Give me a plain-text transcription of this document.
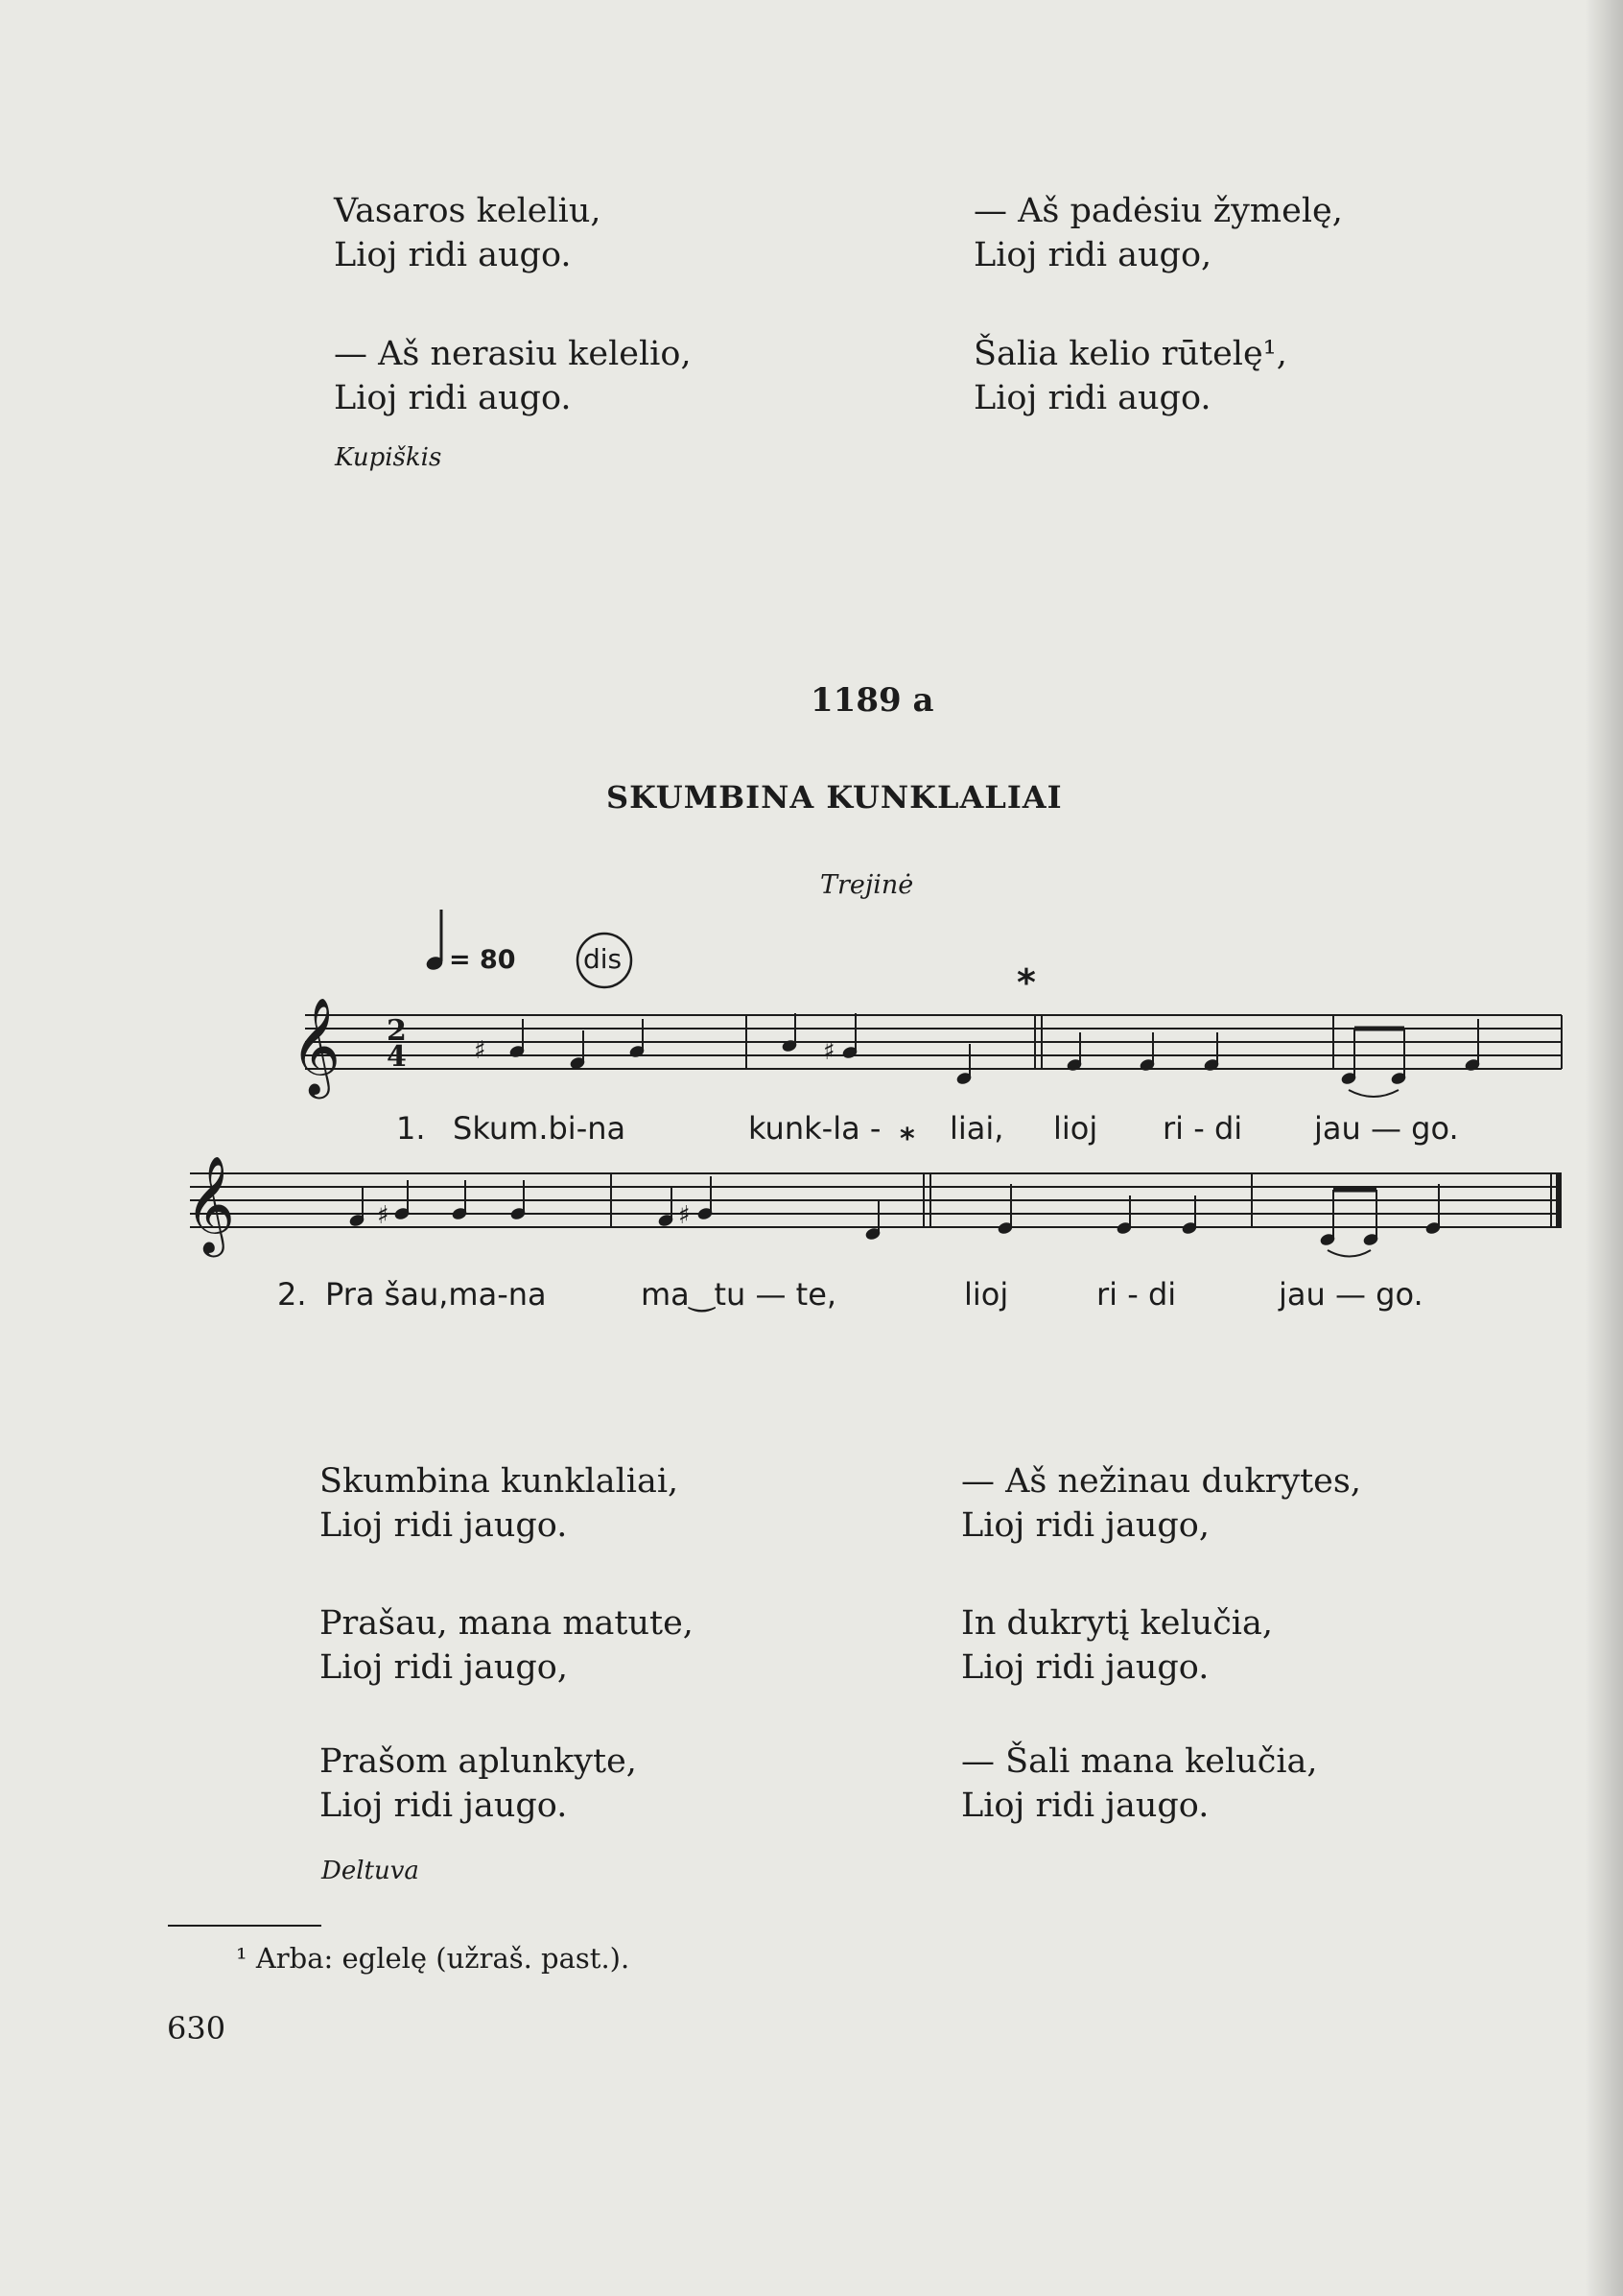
Vasaros keleliu,
Lioj ridi augo.
— Aš nerasiu kelelio,
Lioj ridi augo.
— Aš padėsiu žymelę,
Lioj ridi augo,
Šalia kelio rūtelę¹,
Lioj ridi augo.
Kupiškis
1189 a
SKUMBINA KUNKLALIAI
Trejinė
𝄞
𝄞
2
4	♯	♯
♯	♯
*
*
= 80	dis
1. Skum.bi-na	kunk-la - liai, lioj ri - di jau — go.
2. Pra šau,ma-na	ma‿tu — te,	lioj	ri - di	jau — go.
Skumbina kunklaliai,
Lioj ridi jaugo.
Prašau, mana matute,
Lioj ridi jaugo,
Prašom aplunkyte,
Lioj ridi jaugo.
— Aš nežinau dukrytes,
Lioj ridi jaugo,
In dukrytį kelučia,
Lioj ridi jaugo.
— Šali mana kelučia,
Lioj ridi jaugo.
Deltuva
¹ Arba: eglelę (užraš. past.).
630
